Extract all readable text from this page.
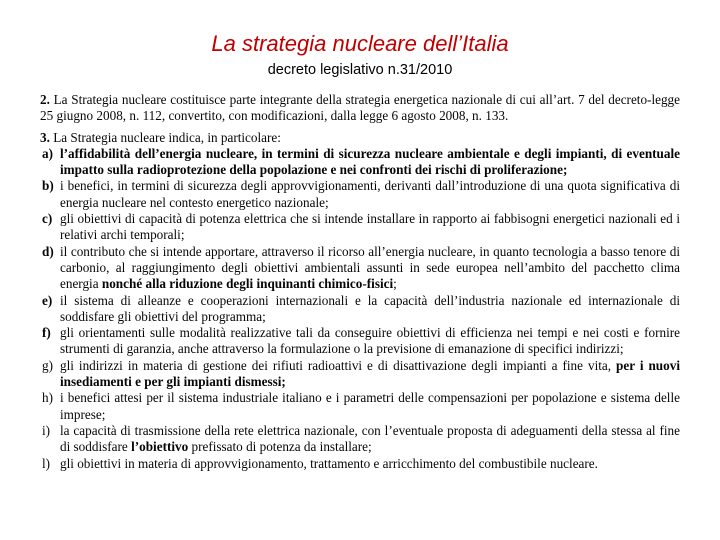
La strategia nucleare dell’Italia
decreto legislativo n.31/2010

2. La Strategia nucleare costituisce parte integrante della strategia energetica nazionale di cui all’art. 7 del decreto-legge 25 giugno 2008, n. 112, convertito, con modificazioni, dalla legge 6 agosto 2008, n. 133.

3. La Strategia nucleare indica, in particolare:

a) l’affidabilità dell’energia nucleare, in termini di sicurezza nucleare ambientale e degli impianti, di eventuale impatto sulla radioprotezione della popolazione e nei confronti dei rischi di proliferazione;

b) i benefici, in termini di sicurezza degli approvvigionamenti, derivanti dall’introduzione di una quota significativa di energia nucleare nel contesto energetico nazionale;

c) gli obiettivi di capacità di potenza elettrica che si intende installare in rapporto ai fabbisogni energetici nazionali ed i relativi archi temporali;

d) il contributo che si intende apportare, attraverso il ricorso all’energia nucleare, in quanto tecnologia a basso tenore di carbonio, al raggiungimento degli obiettivi ambientali assunti in sede europea nell’ambito del pacchetto clima energia nonché alla riduzione degli inquinanti chimico-fisici;

e) il sistema di alleanze e cooperazioni internazionali e la capacità dell’industria nazionale ed internazionale di soddisfare gli obiettivi del programma;

f) gli orientamenti sulle modalità realizzative tali da conseguire obiettivi di efficienza nei tempi e nei costi e fornire strumenti di garanzia, anche attraverso la formulazione o la previsione di emanazione di specifici indirizzi;

g) gli indirizzi in materia di gestione dei rifiuti radioattivi e di disattivazione degli impianti a fine vita, per i nuovi insediamenti e per gli impianti dismessi;

h) i benefici attesi per il sistema industriale italiano e i parametri delle compensazioni per popolazione e sistema delle imprese;

i) la capacità di trasmissione della rete elettrica nazionale, con l’eventuale proposta di adeguamenti della stessa al fine di soddisfare l’obiettivo prefissato di potenza da installare;

l) gli obiettivi in materia di approvvigionamento, trattamento e arricchimento del combustibile nucleare.
